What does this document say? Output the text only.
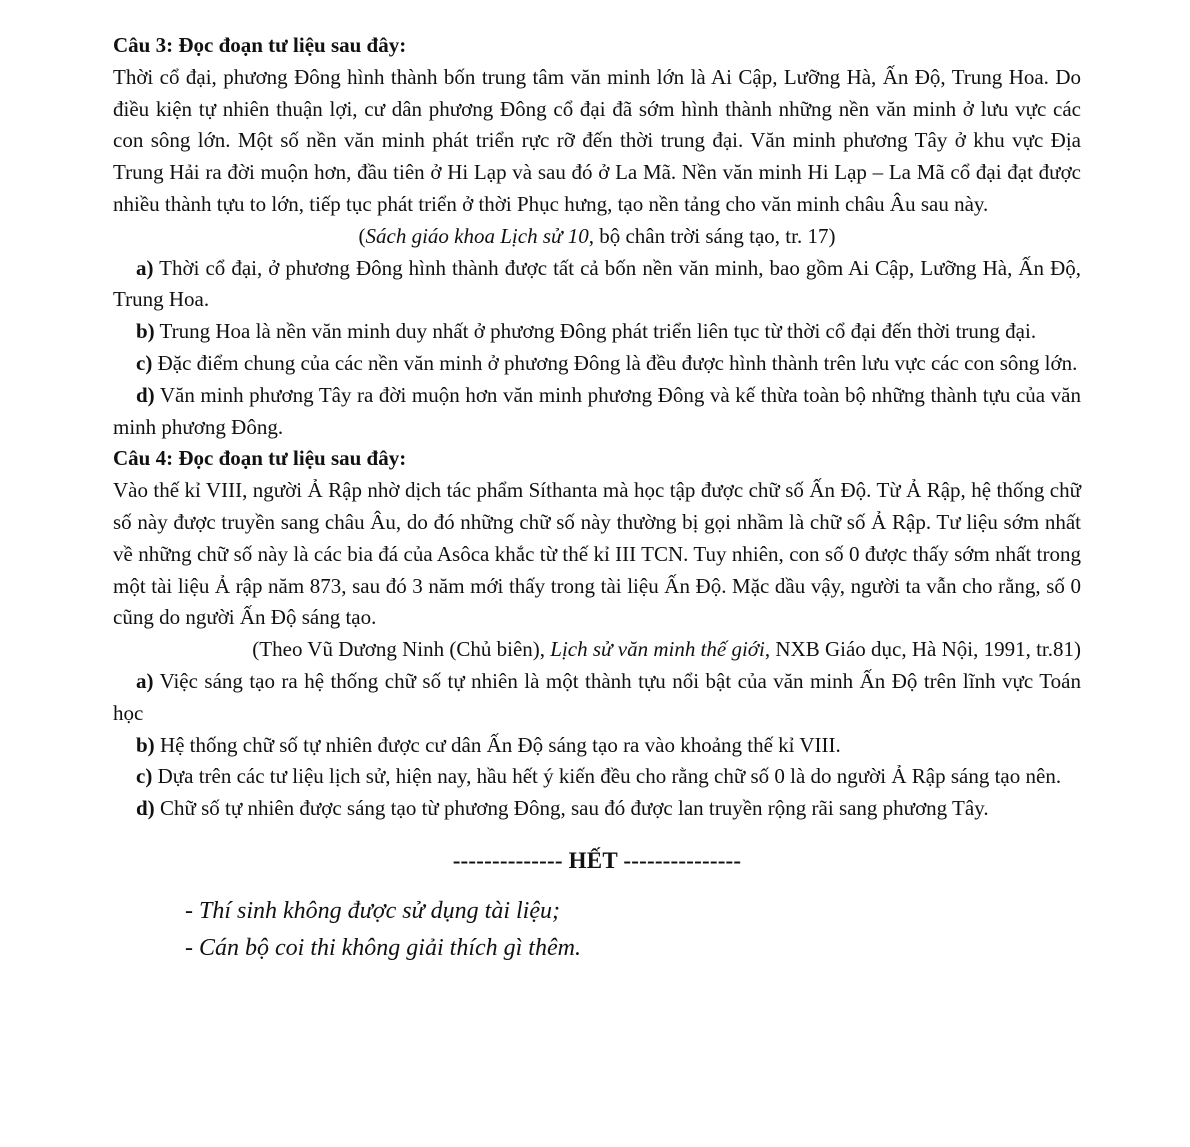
Câu 3: Đọc đoạn tư liệu sau đây:
Thời cổ đại, phương Đông hình thành bốn trung tâm văn minh lớn là Ai Cập, Lưỡng Hà, Ấn Độ, Trung Hoa. Do điều kiện tự nhiên thuận lợi, cư dân phương Đông cổ đại đã sớm hình thành những nền văn minh ở lưu vực các con sông lớn. Một số nền văn minh phát triển rực rỡ đến thời trung đại. Văn minh phương Tây ở khu vực Địa Trung Hải ra đời muộn hơn, đầu tiên ở Hi Lạp và sau đó ở La Mã. Nền văn minh Hi Lạp – La Mã cổ đại đạt được nhiều thành tựu to lớn, tiếp tục phát triển ở thời Phục hưng, tạo nền tảng cho văn minh châu Âu sau này.
(Sách giáo khoa Lịch sử 10, bộ chân trời sáng tạo, tr. 17)
a) Thời cổ đại, ở phương Đông hình thành được tất cả bốn nền văn minh, bao gồm Ai Cập, Lưỡng Hà, Ấn Độ, Trung Hoa.
b) Trung Hoa là nền văn minh duy nhất ở phương Đông phát triển liên tục từ thời cổ đại đến thời trung đại.
c) Đặc điểm chung của các nền văn minh ở phương Đông là đều được hình thành trên lưu vực các con sông lớn.
d) Văn minh phương Tây ra đời muộn hơn văn minh phương Đông và kế thừa toàn bộ những thành tựu của văn minh phương Đông.
Câu 4: Đọc đoạn tư liệu sau đây:
Vào thế kỉ VIII, người Ả Rập nhờ dịch tác phẩm Síthanta mà học tập được chữ số Ấn Độ. Từ Ả Rập, hệ thống chữ số này được truyền sang châu Âu, do đó những chữ số này thường bị gọi nhầm là chữ số Ả Rập. Tư liệu sớm nhất về những chữ số này là các bia đá của Asôca khắc từ thế kỉ III TCN. Tuy nhiên, con số 0 được thấy sớm nhất trong một tài liệu Ả rập năm 873, sau đó 3 năm mới thấy trong tài liệu Ấn Độ. Mặc dầu vậy, người ta vẫn cho rằng, số 0 cũng do người Ấn Độ sáng tạo.
(Theo Vũ Dương Ninh (Chủ biên), Lịch sử văn minh thế giới, NXB Giáo dục, Hà Nội, 1991, tr.81)
a) Việc sáng tạo ra hệ thống chữ số tự nhiên là một thành tựu nổi bật của văn minh Ấn Độ trên lĩnh vực Toán học
b) Hệ thống chữ số tự nhiên được cư dân Ấn Độ sáng tạo ra vào khoảng thế kỉ VIII.
c) Dựa trên các tư liệu lịch sử, hiện nay, hầu hết ý kiến đều cho rằng chữ số 0 là do người Ả Rập sáng tạo nên.
d) Chữ số tự nhiên được sáng tạo từ phương Đông, sau đó được lan truyền rộng rãi sang phương Tây.
-------------- HẾT ---------------
- Thí sinh không được sử dụng tài liệu;
- Cán bộ coi thi không giải thích gì thêm.
